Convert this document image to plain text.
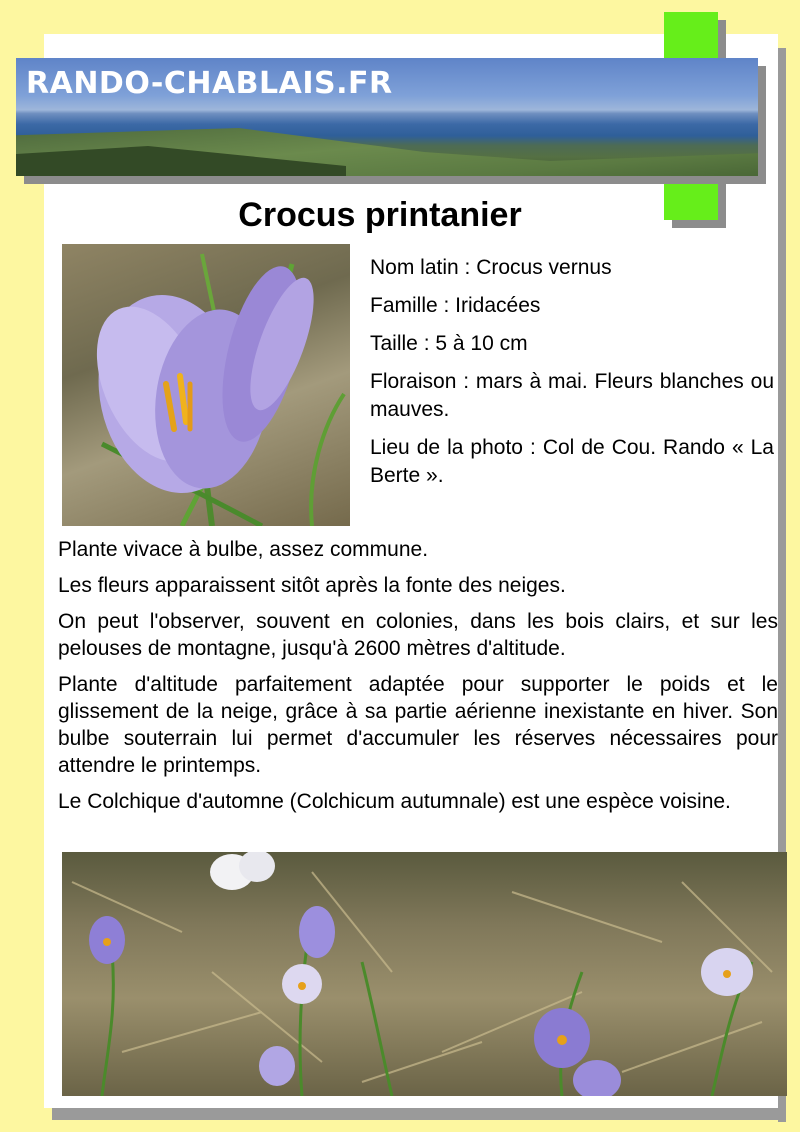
RANDO-CHABLAIS.FR
Crocus printanier

Nom latin : Crocus vernus

Famille : Iridacées

Taille : 5 à 10 cm

Floraison : mars à mai. Fleurs blanches ou mauves.

Lieu de la photo : Col de Cou. Rando « La Berte ».

Plante vivace à bulbe, assez commune.

Les fleurs apparaissent sitôt après la fonte des neiges.

On peut l'observer, souvent en colonies, dans les bois clairs, et sur les pelouses de montagne, jusqu'à 2600 mètres d'altitude.

Plante d'altitude parfaitement adaptée pour supporter le poids et le glissement de la neige, grâce à sa partie aérienne inexistante en hiver. Son bulbe souterrain lui permet d'accumuler les réserves nécessaires pour attendre le printemps.

Le Colchique d'automne (Colchicum autumnale) est une espèce voisine.
